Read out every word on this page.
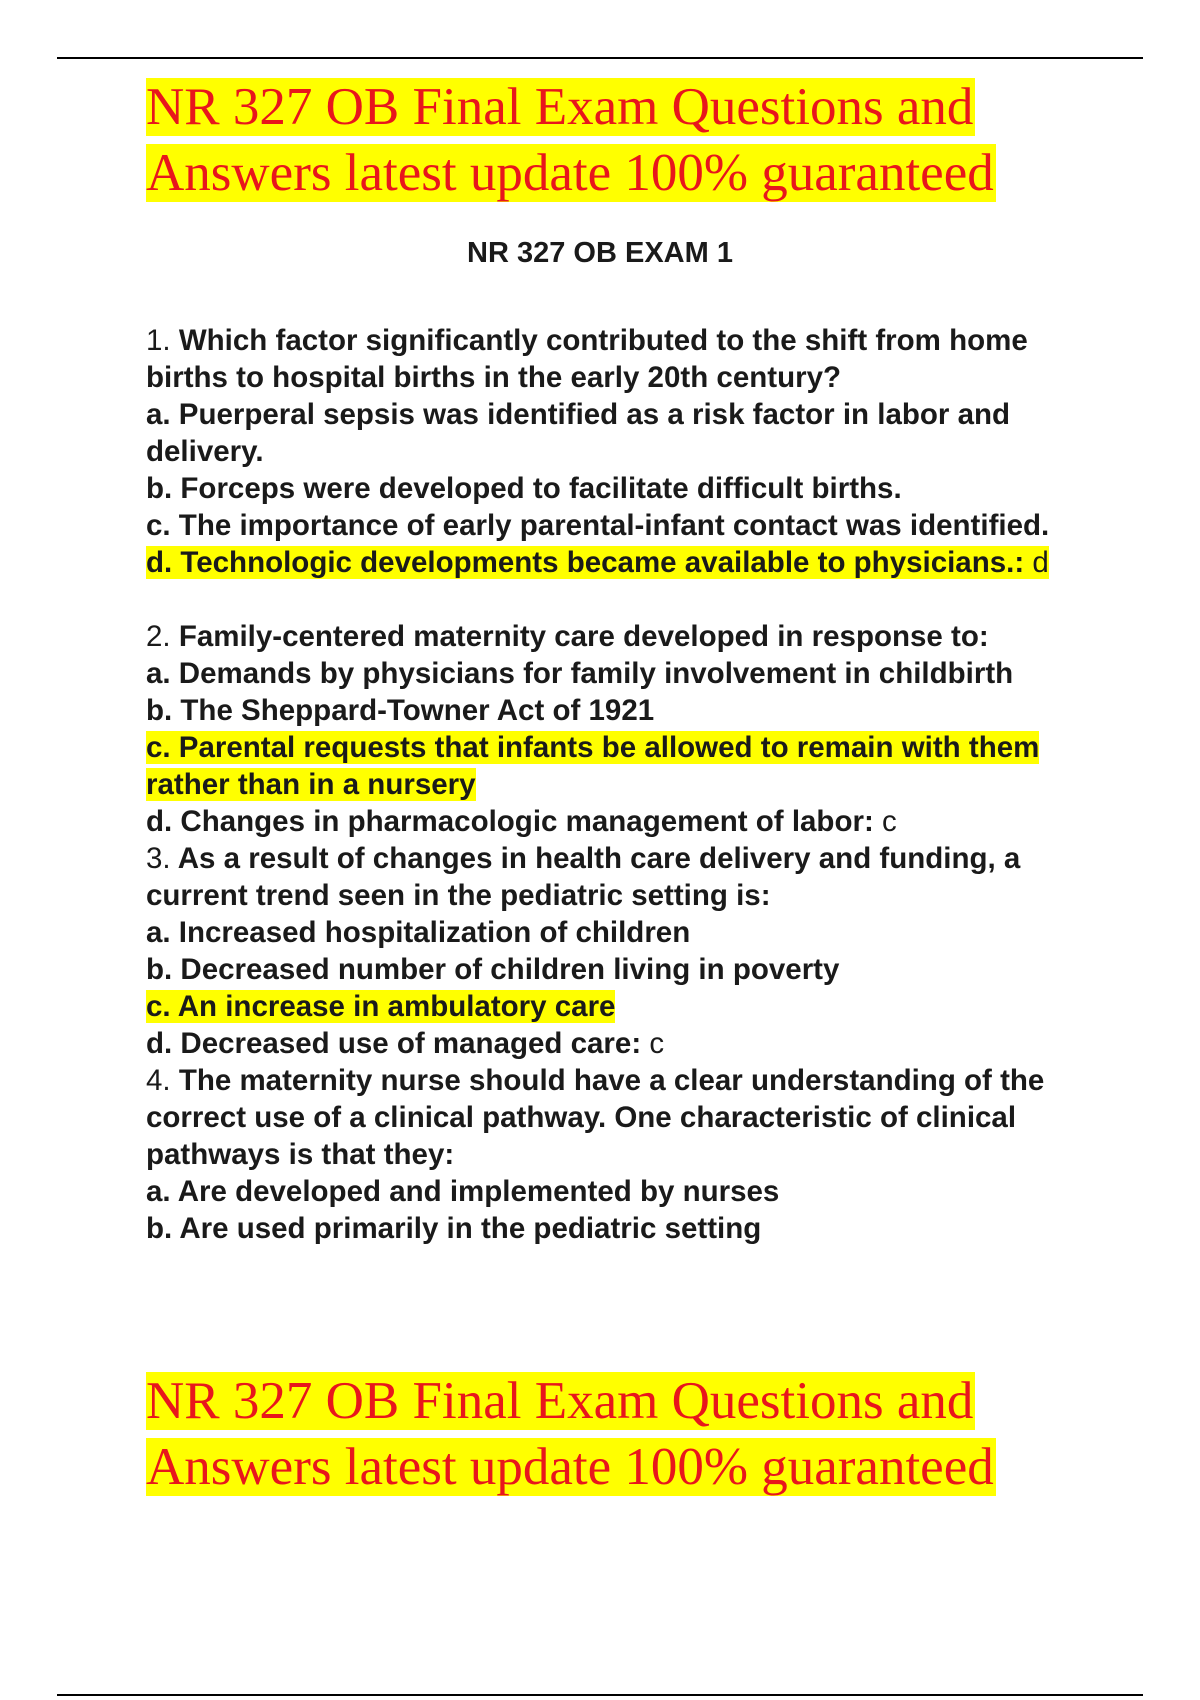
NR 327 OB Final Exam Questions and
Answers latest update 100% guaranteed
NR 327 OB EXAM 1
1. Which factor significantly contributed to the shift from home births to hospital births in the early 20th century?
a. Puerperal sepsis was identified as a risk factor in labor and delivery.
b. Forceps were developed to facilitate difficult births.
c. The importance of early parental-infant contact was identified.
d. Technologic developments became available to physicians.: d
2. Family-centered maternity care developed in response to:
a. Demands by physicians for family involvement in childbirth
b. The Sheppard-Towner Act of 1921
c. Parental requests that infants be allowed to remain with them rather than in a nursery
d. Changes in pharmacologic management of labor: c
3. As a result of changes in health care delivery and funding, a current trend seen in the pediatric setting is:
a. Increased hospitalization of children
b. Decreased number of children living in poverty
c. An increase in ambulatory care
d. Decreased use of managed care: c
4. The maternity nurse should have a clear understanding of the correct use of a clinical pathway. One characteristic of clinical pathways is that they:
a. Are developed and implemented by nurses
b. Are used primarily in the pediatric setting
NR 327 OB Final Exam Questions and
Answers latest update 100% guaranteed
